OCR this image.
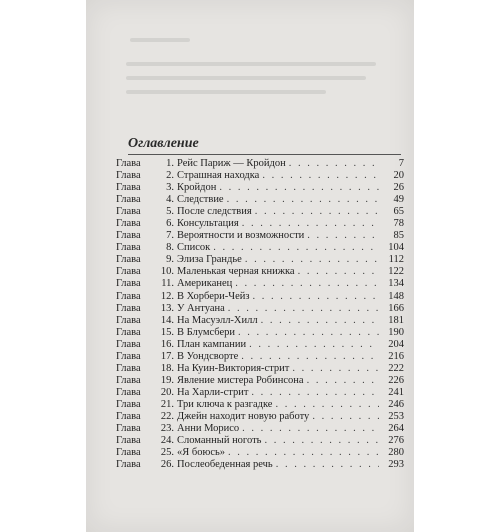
Оглавление
Глава	1. Рейс Париж — Кройдон . . .	7
Глава	2. Страшная находка . . .	20
Глава	3. Кройдон . . .	26
Глава	4. Следствие . . .	49
Глава	5. После следствия . . .	65
Глава	6. Консультация . . .	78
Глава	7. Вероятности и возможности . . .	85
Глава	8. Список . . .	104
Глава	9. Элиза Грандье . . .	112
Глава	10. Маленькая черная книжка . . .	122
Глава	11. Американец . . .	134
Глава	12. В Хорбери-Чейз . . .	148
Глава	13. У Антуана . . .	166
Глава	14. На Масуэлл-Хилл . . .	181
Глава	15. В Блумсбери . . .	190
Глава	16. План кампании . . .	204
Глава	17. В Уондсворте . . .	216
Глава	18. На Куин-Виктория-стрит . . .	222
Глава	19. Явление мистера Робинсона . . .	226
Глава	20. На Харли-стрит . . .	241
Глава	21. Три ключа к разгадке . . .	246
Глава	22. Джейн находит новую работу . . .	253
Глава	23. Анни Морисо . . .	264
Глава	24. Сломанный ноготь . . .	276
Глава	25. «Я боюсь» . . .	280
Глава	26. Послеобеденная речь . . .	293
